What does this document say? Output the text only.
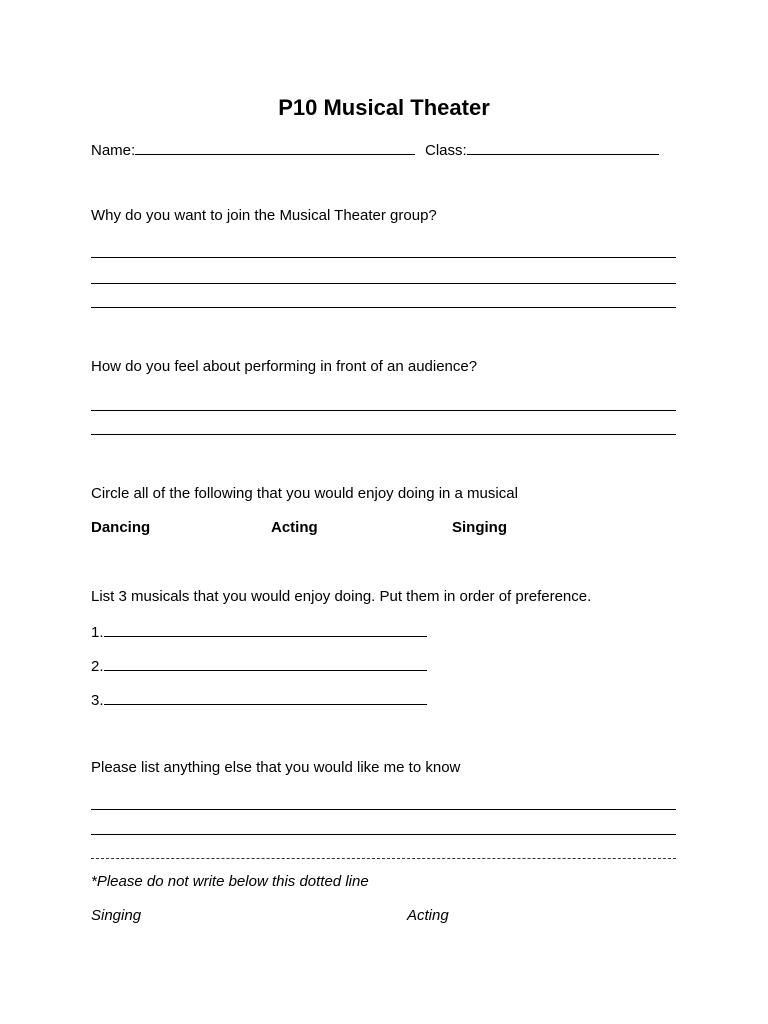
P10 Musical Theater
Name:	Class:
Why do you want to join the Musical Theater group?
How do you feel about performing in front of an audience?
Circle all of the following that you would enjoy doing in a musical
Dancing	Acting	Singing
List 3 musicals that you would enjoy doing. Put them in order of preference.
1.
2.
3.
Please list anything else that you would like me to know
*Please do not write below this dotted line
Singing	Acting
